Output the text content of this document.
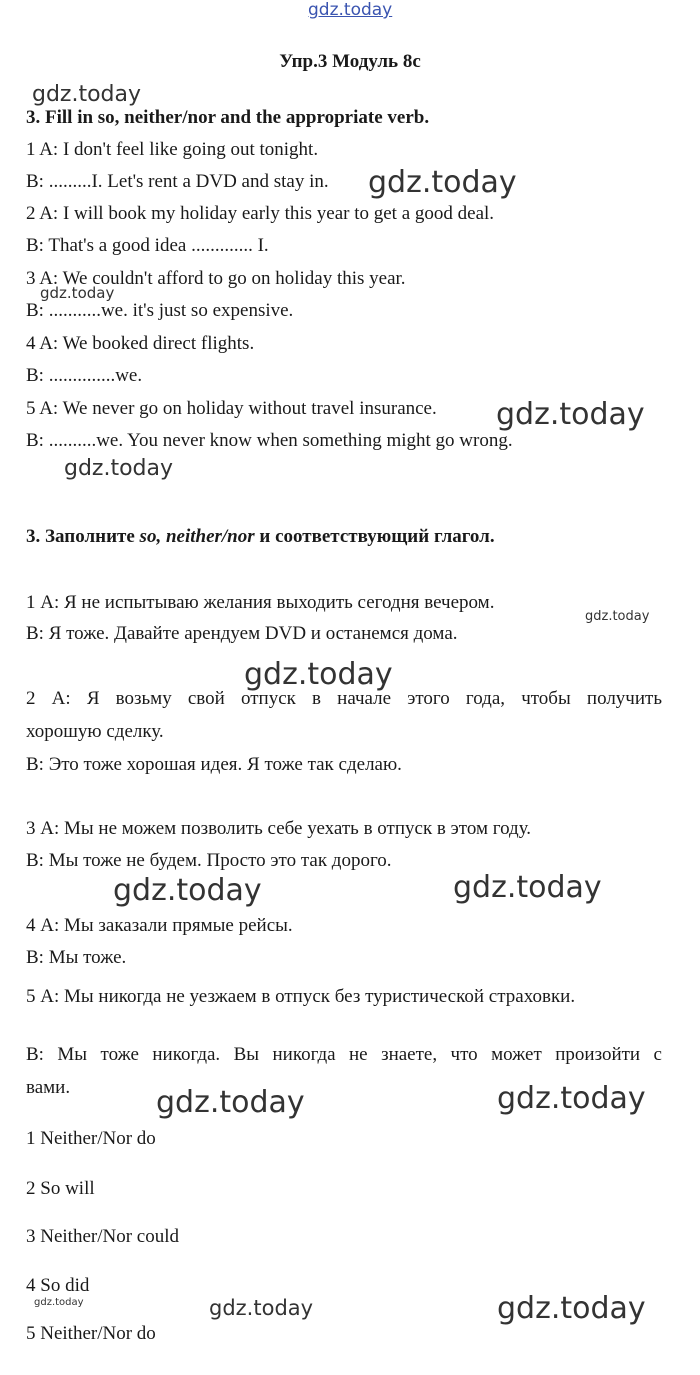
gdz.today
gdz.today
gdz.today
gdz.today
gdz.today
gdz.today
gdz.today
gdz.today
gdz.today	gdz.today
gdz.today	gdz.today
gdz.today	gdz.today	gdz.today
Упр.3 Модуль 8c
3. Fill in so, neither/nor and the appropriate verb.
1 A: I don't feel like going out tonight.
B: .........I. Let's rent a DVD and stay in.
2 A: I will book my holiday early this year to get a good deal.
B: That's a good idea ............. I.
3 A: We couldn't afford to go on holiday this year.
B: ...........we. it's just so expensive.
4 A: We booked direct flights.
B: ..............we.
5 A: We never go on holiday without travel insurance.
B: ..........we. You never know when something might go wrong.
3. Заполните so, neither/nor и соответствующий глагол.
1 А: Я не испытываю желания выходить сегодня вечером.
В: Я тоже. Давайте арендуем DVD и останемся дома.
2 А: Я возьму свой отпуск в начале этого года, чтобы получить
хорошую сделку.
В: Это тоже хорошая идея. Я тоже так сделаю.
3 А: Мы не можем позволить себе уехать в отпуск в этом году.
В: Мы тоже не будем. Просто это так дорого.
4 А: Мы заказали прямые рейсы.
В: Мы тоже.
5 А: Мы никогда не уезжаем в отпуск без туристической страховки.
В: Мы тоже никогда. Вы никогда не знаете, что может произойти с
вами.
1 Neither/Nor do
2 So will
3 Neither/Nor could
4 So did
5 Neither/Nor do
